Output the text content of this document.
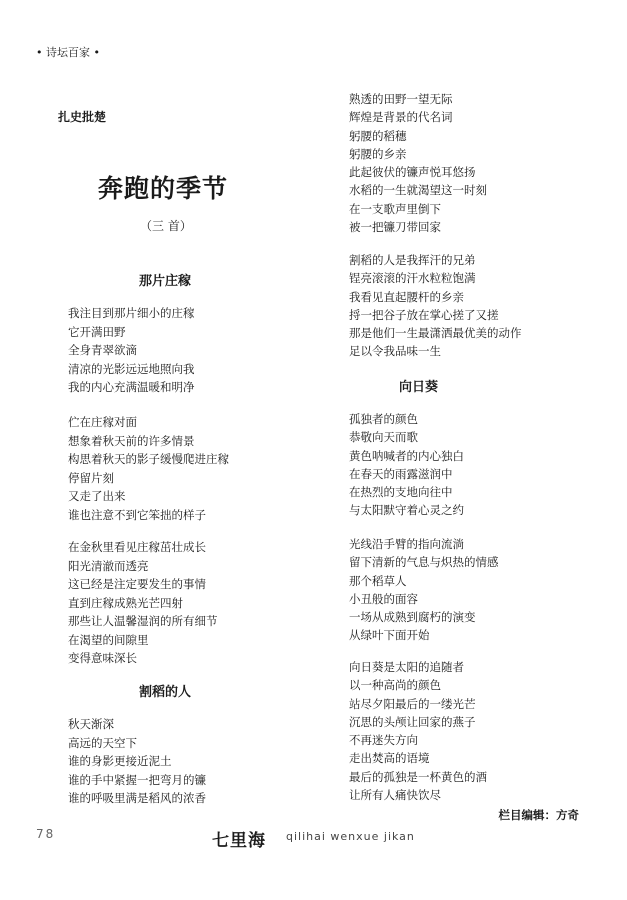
• 诗坛百家 •
扎史批楚
奔跑的季节
（三 首）
那片庄稼
我注目到那片细小的庄稼
它开满田野
全身青翠欲滴
清凉的光影远远地照向我
我的内心充满温暖和明净
伫在庄稼对面
想象着秋天前的许多情景
构思着秋天的影子缓慢爬进庄稼
停留片刻
又走了出来
谁也注意不到它笨拙的样子
在金秋里看见庄稼茁壮成长
阳光清澈而透亮
这已经是注定要发生的事情
直到庄稼成熟光芒四射
那些让人温馨湿润的所有细节
在渴望的间隙里
变得意味深长
割稻的人
秋天渐深
高远的天空下
谁的身影更接近泥土
谁的手中紧握一把弯月的镰
谁的呼吸里满是稻风的浓香
熟透的田野一望无际
辉煌是背景的代名词
躬腰的稻穗
躬腰的乡亲
此起彼伏的镰声悦耳悠扬
水稻的一生就渴望这一时刻
在一支歌声里倒下
被一把镰刀带回家
割稻的人是我挥汗的兄弟
锃亮滚滚的汗水粒粒饱满
我看见直起腰杆的乡亲
捋一把谷子放在掌心搓了又搓
那是他们一生最潇洒最优美的动作
足以令我品味一生
向日葵
孤独者的颜色
恭敬向天而歌
黄色呐喊者的内心独白
在春天的雨露滋润中
在热烈的支地向往中
与太阳默守着心灵之约
光线沿手臂的指向流淌
留下清新的气息与炽热的情感
那个稻草人
小丑般的面容
一场从成熟到腐朽的演变
从绿叶下面开始
向日葵是太阳的追随者
以一种高尚的颜色
站尽夕阳最后的一缕光芒
沉思的头颅让回家的燕子
不再迷失方向
走出焚高的语境
最后的孤独是一杯黄色的酒
让所有人痛快饮尽
栏目编辑：方奇
78	七里海 qilihai wenxue jikan
